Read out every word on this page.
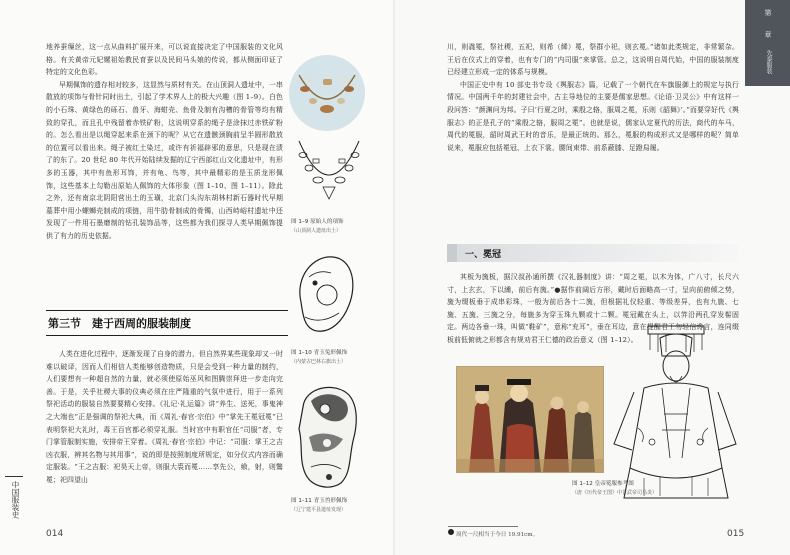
地养蚕缫丝，这一点从曲料扩展开来，可以说直接决定了中国服装的文化风格。有关黄帝元妃嫘祖始教民育蚕以及民间马头娘的传说，都从侧面印证了特定的文化色彩。

早期佩饰的遗存相对较多，这显然与质材有关。在山顶洞人遗址中，一串散放的项饰与骨针同时出土，引起了学术界人上的极大兴趣（图 1–9）。白色的小石珠、黄绿色的砾石、兽牙、海蚶壳、鱼骨及制有沟槽的骨管等均有精致的穿孔，而且孔中残留着赤铁矿粉，这说明穿系的绳子是涂抹过赤铁矿粉的。怎么看出是以绳穿起来系在颈下的呢？从它在遗骸颈胸前呈半圆形散放的位置可以看出来。绳子被红土染过，或许有祈福辟邪的意思，只是现在渍了的东了。20 世纪 80 年代开始陆续发掘的辽宁西部红山文化遗址中，有形多的玉器，其中有鱼形耳饰，并有龟、鸟等，其中最精彩的是玉质龙形佩饰，这些基本上勾勒出原始人佩饰的大体形象（图 1–10、图 1–11）。除此之外，还有南京北阴阳营出土的玉璜，北京门头沟东胡林村新石器时代早期墓葬中用小螺蛳壳制成的项链，用牛肋骨制成的骨镯，山西峙峪村遗址中还发现了一件用石墨磨制的钻孔装饰品等，这些都为我们探寻人类早期佩饰提供了有力的历史依据。

第三节　建于西周的服装制度

人类在进化过程中，逐渐发现了自身的潜力，但自然界某些现象却又一时难以破译，因而人们相信人类能够创造物质，只是会受到一种力量的制约，人们要想有一种超自然的力量，就必须使原始巫风和图腾崇拜进一步走向完善。于是，关乎社稷大事的仪典必须在庄严隆重的气氛中进行，用于一系列祭祀活动的服装自然要要精心安排。《礼记·礼运篇》讲“养生、送死，事鬼神之大端也”正是强调的祭祀大典，而《周礼·春官·宗伯》中“掌先王冕冠冕”已表明祭祀大礼时，毒王百官都必须穿礼服。当时宫中有职官任“司服”者，专门掌管服制实施，安排帝王穿着。《周礼·春官·宗伯》中记：“司服：掌王之吉凶衣服，辨其名物与其用事”，说的即是按照制度所规定，如分仪式内容而确定服装。“王之吉服：祀昊天上帝，则服大裘而冕……享先公，飨，射，则鷩冕；祀四望山

图 1–9 原始人的项饰
（山顶洞人遗址出土）
图 1–10 青玉兔形佩饰
（内蒙古巴林右旗出土）
图 1–11 青玉兽形佩饰
（辽宁建平县遗址发现）
中国服装史
014

川，则毳冕，祭社稷，五祀，则希（絺）冕，祭群小祀，则玄冕。”诸如此类规定，非常繁杂。王后在仪式上的穿着，也有专门的“内司服”来掌管。总之，这说明自周代始，中国的服装制度已经建立形成一定的体系与规模。

中国正史中有 10 部史书专设《舆服志》篇，记载了一个朝代在车旗服御上的规定与执行情况。中国两千年的封建社会中，古主导地位的主要是儒家思想。《论语·卫灵公》中有这样一段问答：“颜渊问为邦。子曰‘行夏之时，乘殷之辂，服周之冕，乐则《韶舞》’。”而要穿好代《舆服志》的正是孔子的“乘殷之辂，服周之冕”。也就是说，儒家认定夏代的历法，商代的车马，周代的冕服，韶时周武王时的音乐，是最正统的。那么，冕服的构成形式又是哪样的呢？简单说来，冕服应包括冕冠、上衣下裳、腰间束带、前系蔽膝、足蹬舄履。

一、冕冠

其板为旒板，据汉叔孙通所撰《汉礼器制度》讲：“周之冕，以木为体，广八寸，长尺六寸，上玄玄，下以纁，前后有旒。”●据作前阔后方形，戴时后面略高一寸，呈向前俯倾之势，旒为缀板垂于成串彩珠，一般为前后各十二旒，但根据礼仪轻重、等级差异，也有九旒、七旒、五旒、三旒之分，每旒多为穿玉珠九颗或十二颗。冕冠戴在头上，以笄沿两孔穿发髻固定。两边各垂一珠，叫做“鞋矿”，意称“充耳”，垂在耳边，意在提醒君王勿轻信谗言，连同缀板前低俯就之形都含有规劝君王仁德的政治意义（图 1–12）。

图 1–12 皇帝冕服参考图
（唐《历代帝王图》中晋武帝司马炎）
周代一尺相当于今日 19.91cm。
第
章
先秦服装
015
